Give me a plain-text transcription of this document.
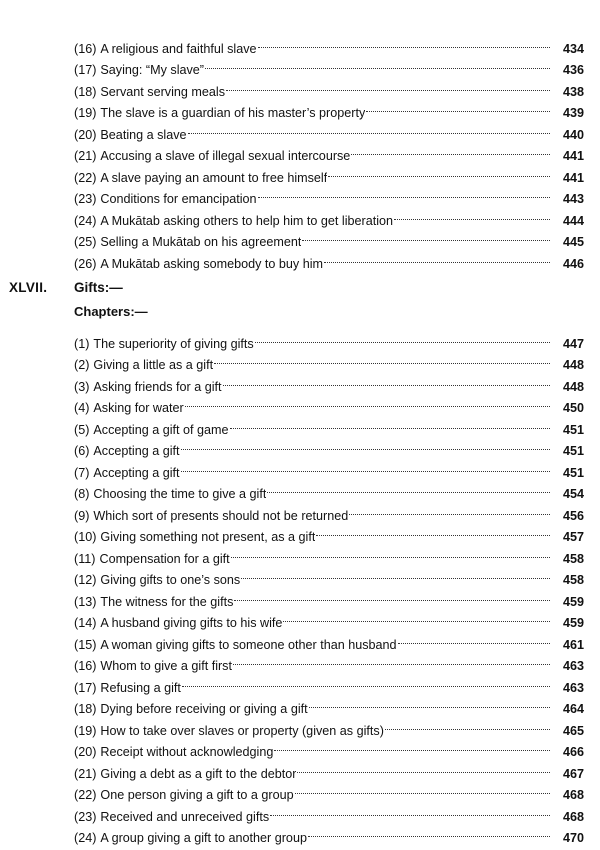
(16) A religious and faithful slave	434
(17) Saying: “My slave”	436
(18) Servant serving meals	438
(19) The slave is a guardian of his master’s property	439
(20) Beating a slave	440
(21) Accusing a slave of illegal sexual intercourse	441
(22) A slave paying an amount to free himself	441
(23) Conditions for emancipation	443
(24) A Mukātab asking others to help him to get liberation	444
(25) Selling a Mukātab on his agreement	445
(26) A Mukātab asking somebody to buy him	446
XLVII. Gifts:—
Chapters:—
(1) The superiority of giving gifts	447
(2) Giving a little as a gift	448
(3) Asking friends for a gift	448
(4) Asking for water	450
(5) Accepting a gift of game	451
(6) Accepting a gift	451
(7) Accepting a gift	451
(8) Choosing the time to give a gift	454
(9) Which sort of presents should not be returned	456
(10) Giving something not present, as a gift	457
(11) Compensation for a gift	458
(12) Giving gifts to one’s sons	458
(13) The witness for the gifts	459
(14) A husband giving gifts to his wife	459
(15) A woman giving gifts to someone other than husband	461
(16) Whom to give a gift first	463
(17) Refusing a gift	463
(18) Dying before receiving or giving a gift	464
(19) How to take over slaves or property (given as gifts)	465
(20) Receipt without acknowledging	466
(21) Giving a debt as a gift to the debtor	467
(22) One person giving a gift to a group	468
(23) Received and unreceived gifts	468
(24) A group giving a gift to another group	470
